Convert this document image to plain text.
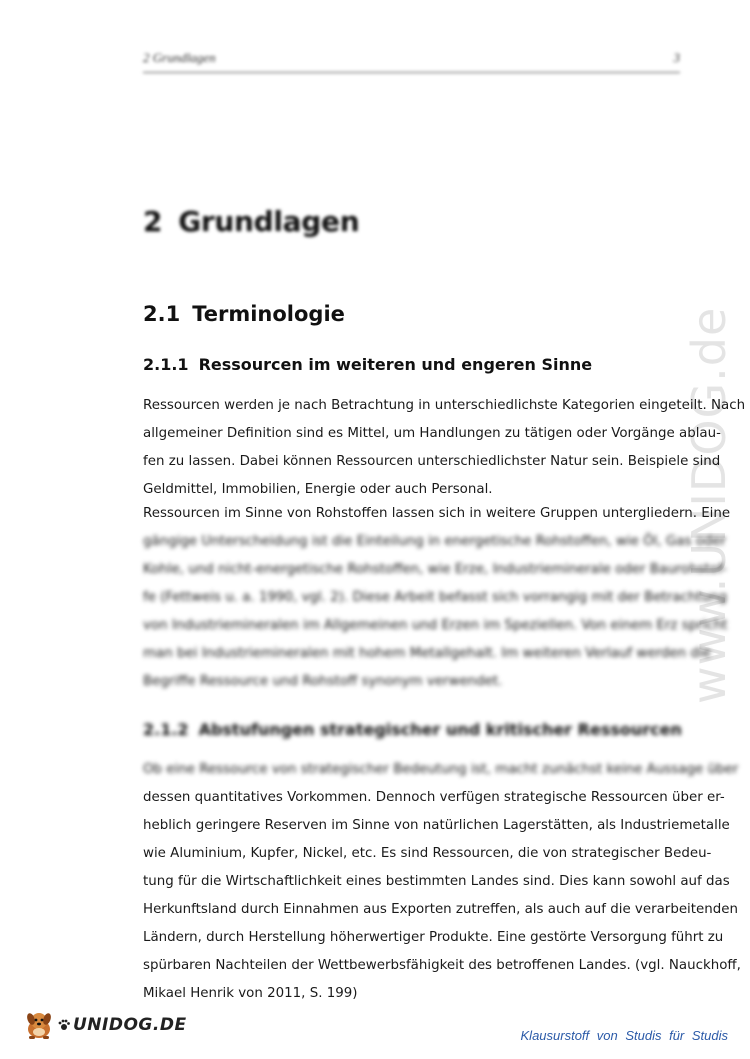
2 Grundlagen	3
2 Grundlagen
www.UNIDOG.de
2.1 Terminologie
2.1.1 Ressourcen im weiteren und engeren Sinne

Ressourcen werden je nach Betrachtung in unterschiedlichste Kategorien eingeteilt. Nach
allgemeiner Definition sind es Mittel, um Handlungen zu tätigen oder Vorgänge ablau-
fen zu lassen. Dabei können Ressourcen unterschiedlichster Natur sein. Beispiele sind
Geldmittel, Immobilien, Energie oder auch Personal.

Ressourcen im Sinne von Rohstoffen lassen sich in weitere Gruppen untergliedern. Eine
gängige Unterscheidung ist die Einteilung in energetische Rohstoffen, wie Öl, Gas oder
Kohle, und nicht-energetische Rohstoffen, wie Erze, Industrieminerale oder Baurohstof-
fe (Fettweis u. a. 1990, vgl. 2). Diese Arbeit befasst sich vorrangig mit der Betrachtung
von Industriemineralen im Allgemeinen und Erzen im Speziellen. Von einem Erz spricht
man bei Industriemineralen mit hohem Metallgehalt. Im weiteren Verlauf werden die
Begriffe Ressource und Rohstoff synonym verwendet.

2.1.2 Abstufungen strategischer und kritischer Ressourcen

Ob eine Ressource von strategischer Bedeutung ist, macht zunächst keine Aussage über

dessen quantitatives Vorkommen. Dennoch verfügen strategische Ressourcen über er-
heblich geringere Reserven im Sinne von natürlichen Lagerstätten, als Industriemetalle
wie Aluminium, Kupfer, Nickel, etc. Es sind Ressourcen, die von strategischer Bedeu-
tung für die Wirtschaftlichkeit eines bestimmten Landes sind. Dies kann sowohl auf das
Herkunftsland durch Einnahmen aus Exporten zutreffen, als auch auf die verarbeitenden
Ländern, durch Herstellung höherwertiger Produkte. Eine gestörte Versorgung führt zu
spürbaren Nachteilen der Wettbewerbsfähigkeit des betroffenen Landes. (vgl. Nauckhoff,
Mikael Henrik von 2011, S. 199)

UNIDOG.DE
Klausurstoff von Studis für Studis
